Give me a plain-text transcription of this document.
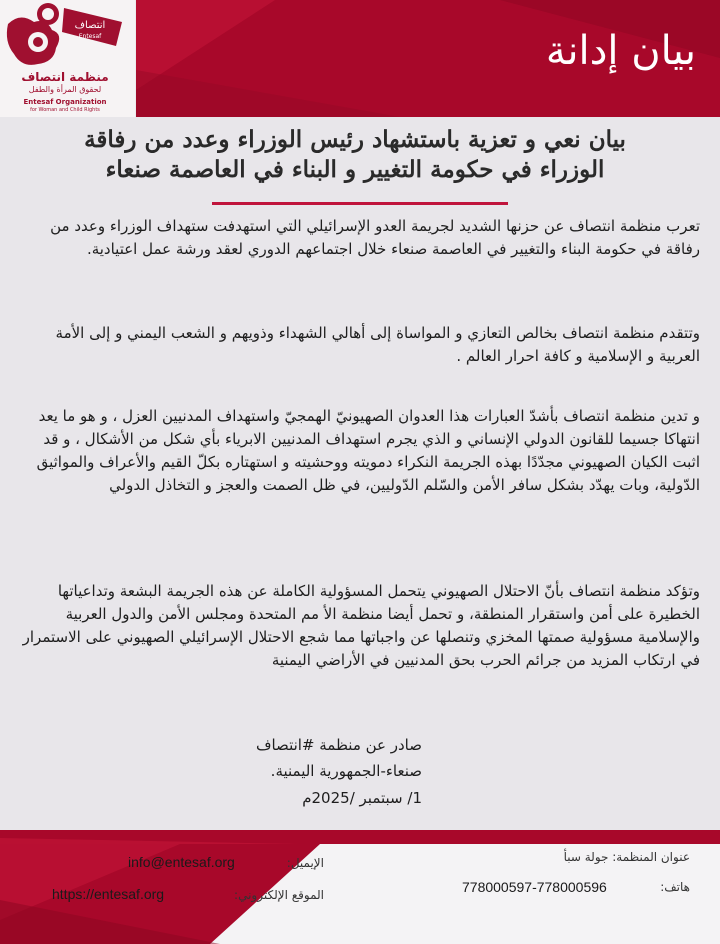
بيان إدانة
انتصاف
Entesaf
منظمة انتصاف
لحقوق المرأة والطفل
Entesaf Organization
for Woman and Child Rights
بيان نعي و تعزية باستشهاد رئيس الوزراء وعدد من رفاقة
الوزراء في حكومة التغيير و البناء في العاصمة صنعاء
تعرب منظمة انتصاف عن حزنها الشديد لجريمة العدو الإسرائيلي التي استهدفت ستهداف الوزراء وعدد من رفاقة في حكومة البناء والتغيير في العاصمة صنعاء خلال اجتماعهم الدوري لعقد ورشة عمل اعتيادية.
وتتقدم منظمة انتصاف بخالص التعازي و المواساة إلى أهالي الشهداء وذويهم و الشعب اليمني و إلى الأمة العربية و الإسلامية و كافة احرار العالم .
و تدين منظمة انتصاف بأشدّ العبارات هذا العدوان الصهيونيّ الهمجيّ واستهداف المدنيين العزل ، و هو ما يعد انتهاكا جسيما للقانون الدولي الإنساني و الذي يجرم استهداف المدنيين الابرياء بأي شكل من الأشكال ، و قد اثبت الكيان الصهيوني مجدّدًا بهذه الجريمة النكراء دمويته ووحشيته و استهتاره بكلّ القيم والأعراف والمواثيق الدّولية، وبات يهدّد بشكل سافر الأمن والسّلم الدّوليين، في ظل الصمت والعجز و التخاذل الدولي
وتؤكد منظمة انتصاف بأنّ الاحتلال الصهيوني يتحمل المسؤولية الكاملة عن هذه الجريمة البشعة وتداعياتها الخطيرة على أمن واستقرار المنطقة، و تحمل أيضا منظمة الأ مم المتحدة ومجلس الأمن والدول العربية والإسلامية مسؤولية صمتها المخزي وتنصلها عن واجباتها مما شجع الاحتلال الإسرائيلي الصهيوني على الاستمرار في ارتكاب المزيد من جرائم الحرب بحق المدنيين في الأراضي اليمنية
صادر عن منظمة #انتصاف
صنعاء-الجمهورية اليمنية.
1/ سبتمبر /2025م
عنوان المنظمة: جولة سبأ
هاتف:
778000597-778000596
الإيميل:
info@entesaf.org
الموقع الإلكتروني:
https://entesaf.org
